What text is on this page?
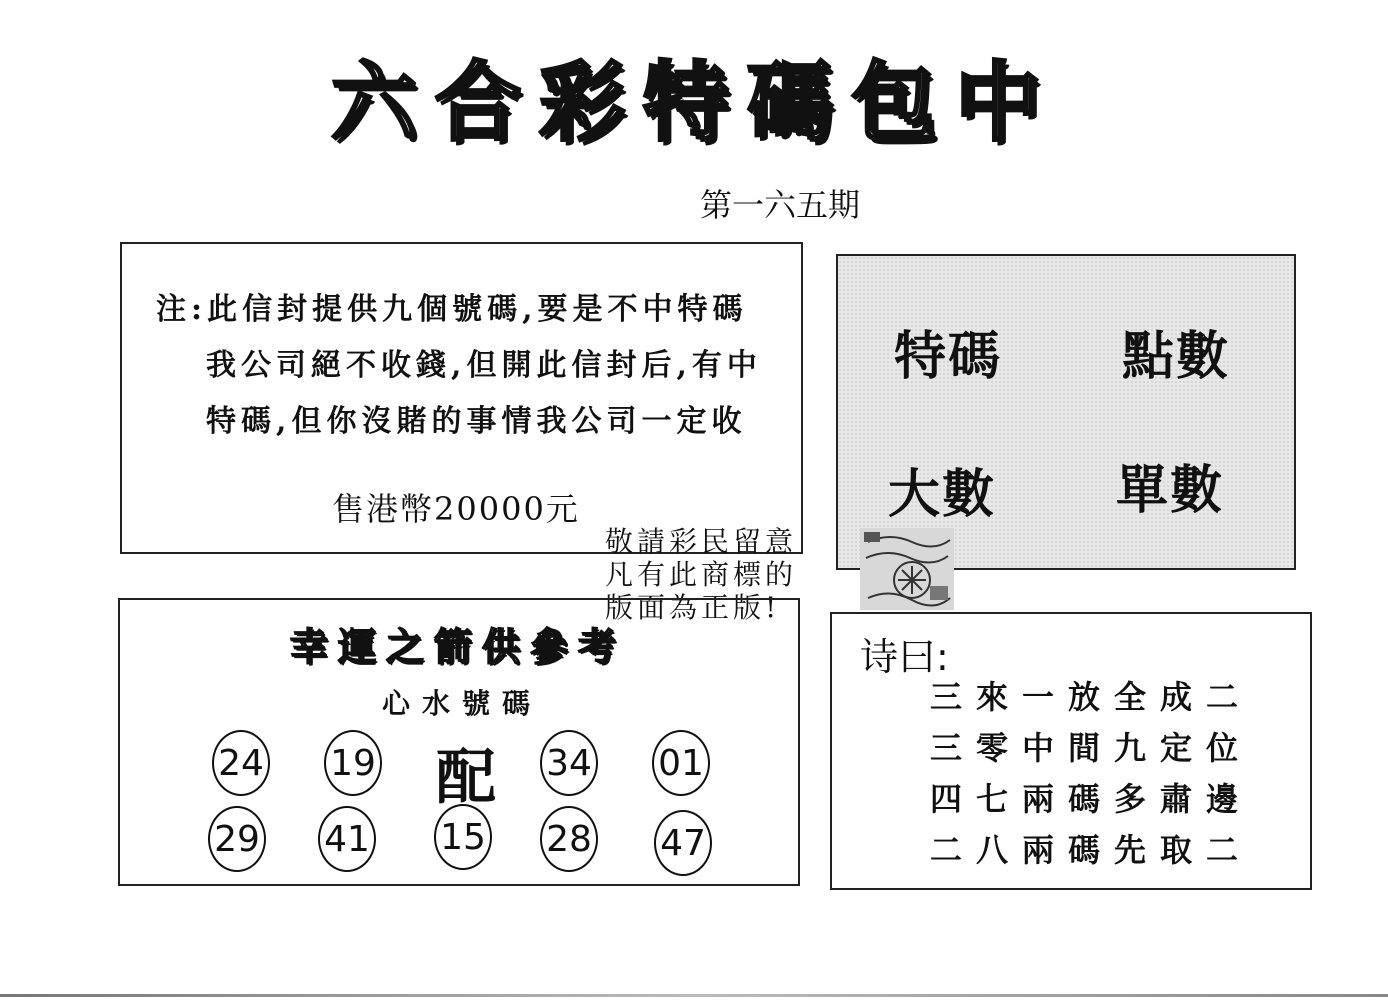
六合彩特碼包中
第一六五期
注:此信封提供九個號碼,要是不中特碼
我公司絕不收錢,但開此信封后,有中
特碼,但你沒賭的事情我公司一定收
售港幣20000元
特碼 點數
大數 單數
敬請彩民留意
凡有此商標的
版面為正版!
幸運之箭供參考
心水號碼
24 19 配 34 01
29 41 15 28 47
诗曰:
三來一放全成二
三零中間九定位
四七兩碼多肅邊
二八兩碼先取二
